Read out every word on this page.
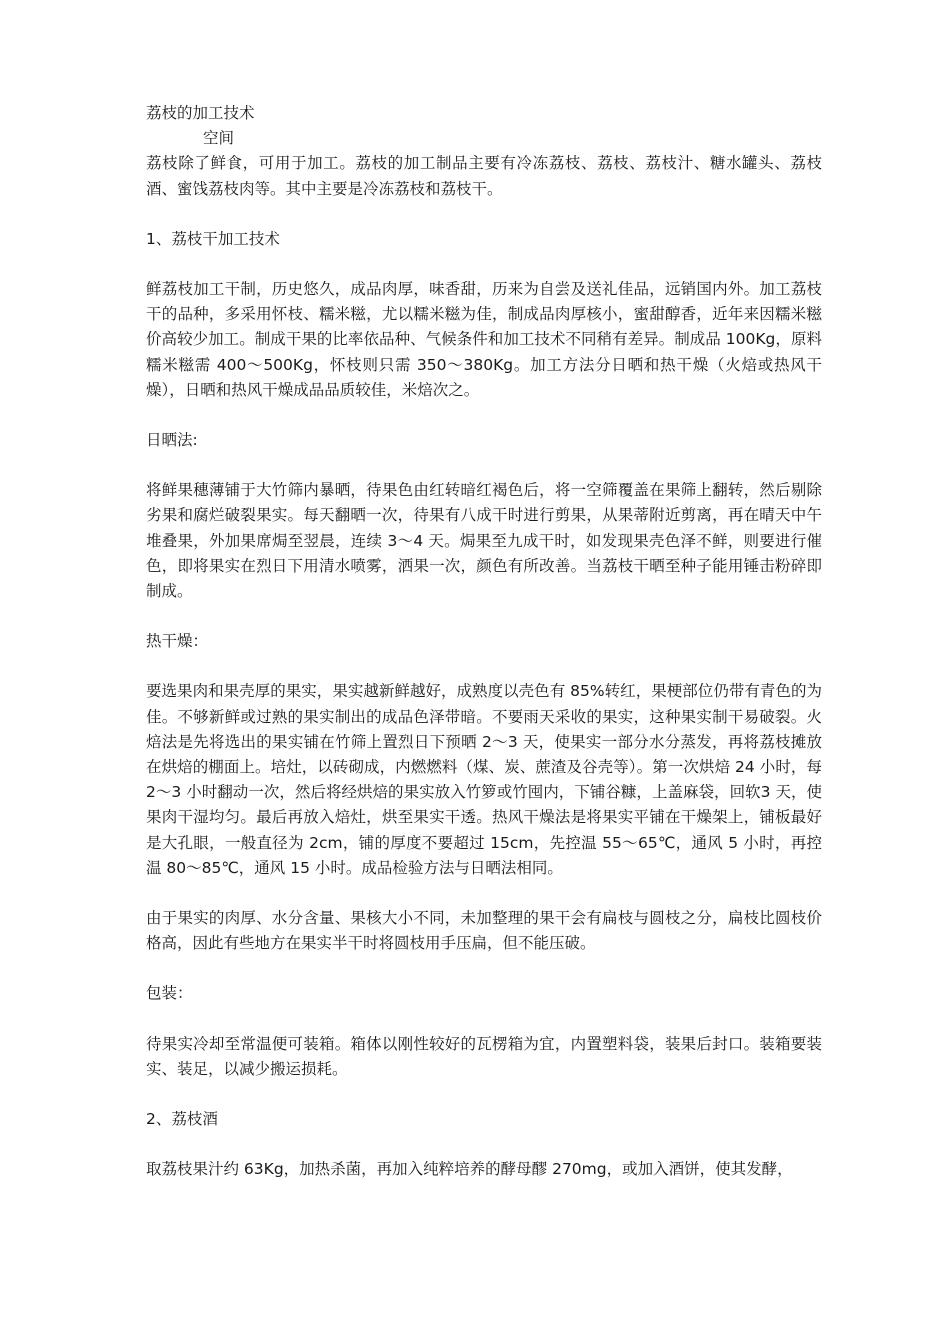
荔枝的加工技术

空间

荔枝除了鲜食，可用于加工。荔枝的加工制品主要有冷冻荔枝、荔枝、荔枝汁、糖水罐头、荔枝酒、蜜饯荔枝肉等。其中主要是冷冻荔枝和荔枝干。

1、荔枝干加工技术

鲜荔枝加工干制，历史悠久，成品肉厚，味香甜，历来为自尝及送礼佳品，远销国内外。加工荔枝干的品种，多采用怀枝、糯米糍，尤以糯米糍为佳，制成品肉厚核小，蜜甜醇香，近年来因糯米糍价高较少加工。制成干果的比率依品种、气候条件和加工技术不同稍有差异。制成品 100Kg，原料糯米糍需 400～500Kg，怀枝则只需 350～380Kg。加工方法分日晒和热干燥（火焙或热风干燥），日晒和热风干燥成品品质较佳，米焙次之。

日晒法:

将鲜果穗薄铺于大竹筛内暴晒，待果色由红转暗红褐色后，将一空筛覆盖在果筛上翻转，然后剔除劣果和腐烂破裂果实。每天翻晒一次，待果有八成干时进行剪果，从果蒂附近剪离，再在晴天中午堆叠果，外加果席焗至翌晨，连续 3～4 天。焗果至九成干时，如发现果壳色泽不鲜，则要进行催色，即将果实在烈日下用清水喷雾，洒果一次，颜色有所改善。当荔枝干晒至种子能用锤击粉碎即制成。

热干燥：

要选果肉和果壳厚的果实，果实越新鲜越好，成熟度以壳色有 85%转红，果梗部位仍带有青色的为佳。不够新鲜或过熟的果实制出的成品色泽带暗。不要雨天采收的果实，这种果实制干易破裂。火焙法是先将选出的果实铺在竹筛上置烈日下预晒 2～3 天，使果实一部分水分蒸发，再将荔枝摊放在烘焙的棚面上。培灶，以砖砌成，内燃燃料（煤、炭、蔗渣及谷壳等）。第一次烘焙 24 小时，每 2～3 小时翻动一次，然后将经烘焙的果实放入竹箩或竹囤内，下铺谷糠，上盖麻袋，回软3 天，使果肉干湿均匀。最后再放入焙灶，烘至果实干透。热风干燥法是将果实平铺在干燥架上，铺板最好是大孔眼，一般直径为 2cm，铺的厚度不要超过 15cm，先控温 55～65℃，通风 5 小时，再控温 80～85℃，通风 15 小时。成品检验方法与日晒法相同。

由于果实的肉厚、水分含量、果核大小不同，未加整理的果干会有扁枝与圆枝之分，扁枝比圆枝价格高，因此有些地方在果实半干时将圆枝用手压扁，但不能压破。

包装：

待果实冷却至常温便可装箱。箱体以刚性较好的瓦楞箱为宜，内置塑料袋，装果后封口。装箱要装实、装足，以减少搬运损耗。

2、荔枝酒

取荔枝果汁约 63Kg，加热杀菌，再加入纯粹培养的酵母醪 270mg，或加入酒饼，使其发酵，
